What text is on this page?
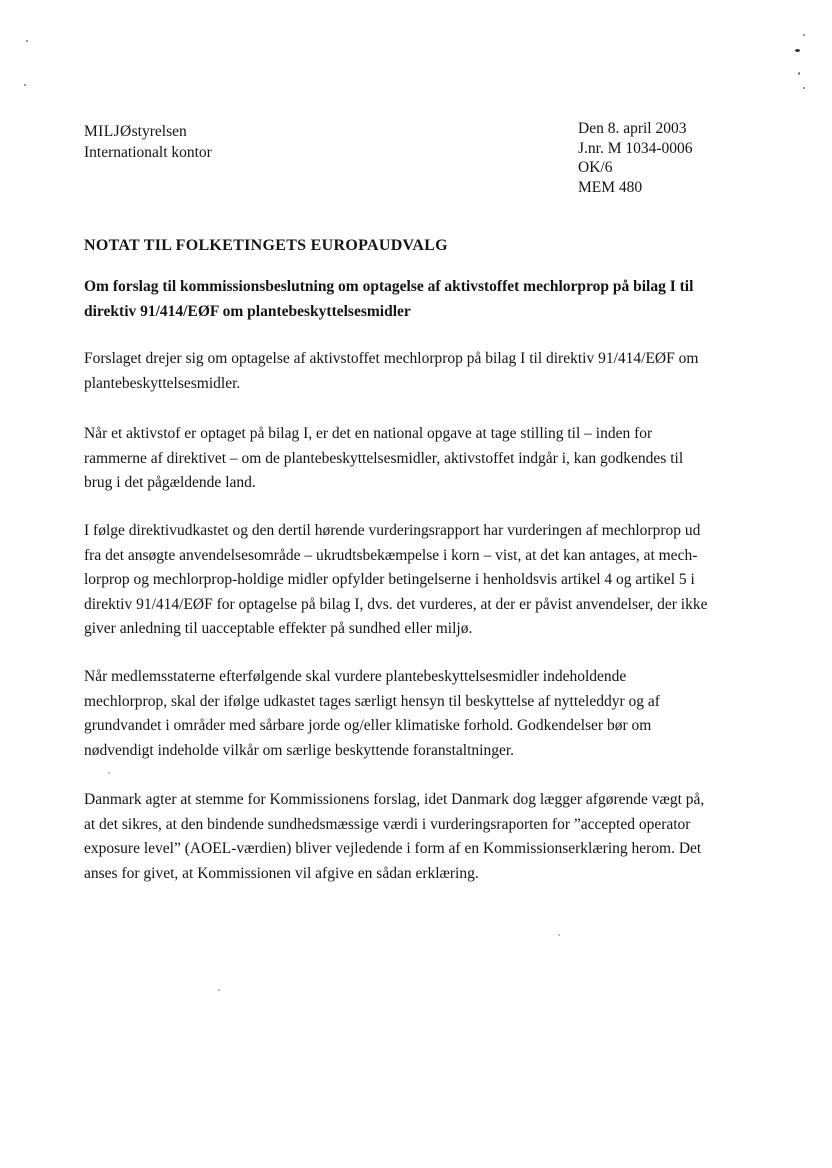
MILJØstyrelsen
Internationalt kontor
Den 8. april 2003
J.nr. M 1034-0006
OK/6
MEM 480
NOTAT TIL FOLKETINGETS EUROPAUDVALG
Om forslag til kommissionsbeslutning om optagelse af aktivstoffet mechlorprop på bilag I til
direktiv 91/414/EØF om plantebeskyttelsesmidler
Forslaget drejer sig om optagelse af aktivstoffet mechlorprop på bilag I til direktiv 91/414/EØF om
plantebeskyttelsesmidler.
Når et aktivstof er optaget på bilag I, er det en national opgave at tage stilling til – inden for
rammerne af direktivet – om de plantebeskyttelsesmidler, aktivstoffet indgår i, kan godkendes til
brug i det pågældende land.
I følge direktivudkastet og den dertil hørende vurderingsrapport har vurderingen af mechlorprop ud
fra det ansøgte anvendelsesområde – ukrudtsbekæmpelse i korn – vist, at det kan antages, at mech-
lorprop og mechlorprop-holdige midler opfylder betingelserne i henholdsvis artikel 4 og artikel 5 i
direktiv 91/414/EØF for optagelse på bilag I, dvs. det vurderes, at der er påvist anvendelser, der ikke
giver anledning til uacceptable effekter på sundhed eller miljø.
Når medlemsstaterne efterfølgende skal vurdere plantebeskyttelsesmidler indeholdende
mechlorprop, skal der ifølge udkastet tages særligt hensyn til beskyttelse af nytteleddyr og af
grundvandet i områder med sårbare jorde og/eller klimatiske forhold. Godkendelser bør om
nødvendigt indeholde vilkår om særlige beskyttende foranstaltninger.
Danmark agter at stemme for Kommissionens forslag, idet Danmark dog lægger afgørende vægt på,
at det sikres, at den bindende sundhedsmæssige værdi i vurderingsraporten for ”accepted operator
exposure level” (AOEL-værdien) bliver vejledende i form af en Kommissionserklæring herom. Det
anses for givet, at Kommissionen vil afgive en sådan erklæring.
